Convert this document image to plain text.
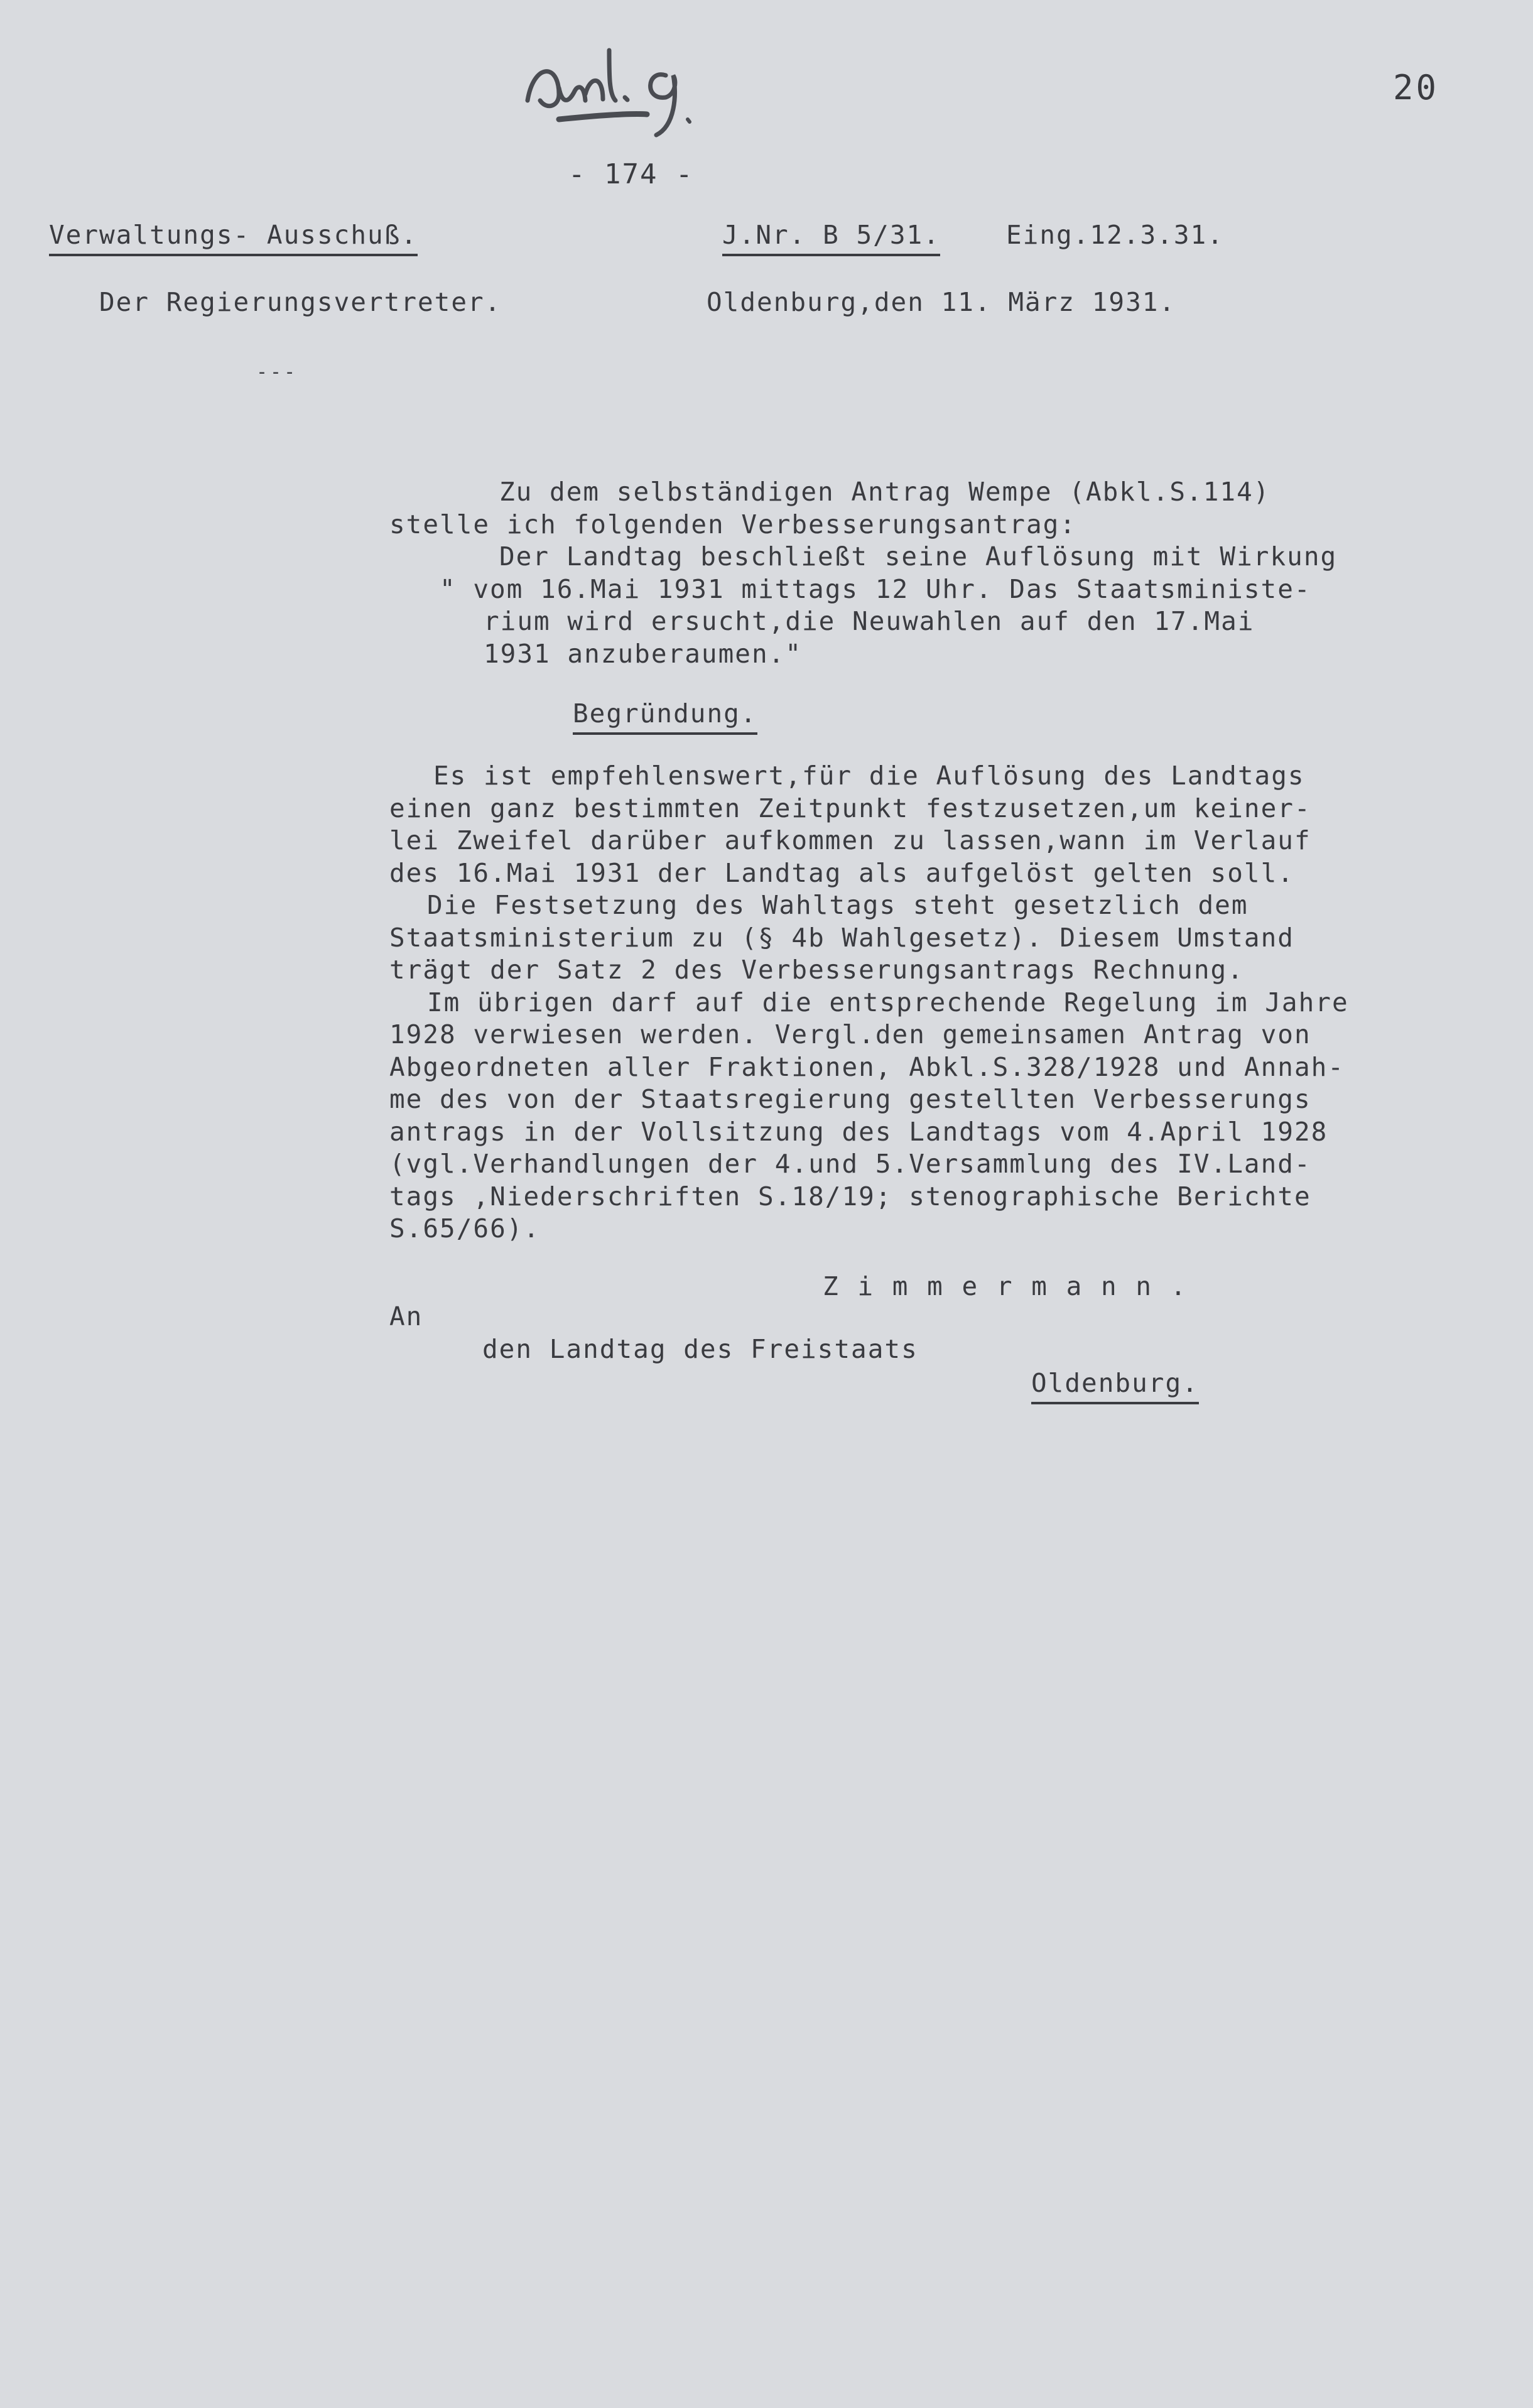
20
- 174 -
Verwaltungs- Ausschuß.
Der Regierungsvertreter.
J.Nr. B 5/31.	Eing.12.3.31.
Oldenburg,den 11. März 1931.
---
Zu dem selbständigen Antrag Wempe (Abkl.S.114)
stelle ich folgenden Verbesserungsantrag:
Der Landtag beschließt seine Auflösung mit Wirkung
" vom 16.Mai 1931 mittags 12 Uhr. Das Staatsministe-
rium wird ersucht,die Neuwahlen auf den 17.Mai
1931 anzuberaumen."
Begründung.
Es ist empfehlenswert,für die Auflösung des Landtags
einen ganz bestimmten Zeitpunkt festzusetzen,um keiner-
lei Zweifel darüber aufkommen zu lassen,wann im Verlauf
des 16.Mai 1931 der Landtag als aufgelöst gelten soll.
Die Festsetzung des Wahltags steht gesetzlich dem
Staatsministerium zu (§ 4b Wahlgesetz). Diesem Umstand
trägt der Satz 2 des Verbesserungsantrags Rechnung.
Im übrigen darf auf die entsprechende Regelung im Jahre
1928 verwiesen werden. Vergl.den gemeinsamen Antrag von
Abgeordneten aller Fraktionen, Abkl.S.328/1928 und Annah-
me des von der Staatsregierung gestellten Verbesserungs
antrags in der Vollsitzung des Landtags vom 4.April 1928
(vgl.Verhandlungen der 4.und 5.Versammlung des IV.Land-
tags ,Niederschriften S.18/19; stenographische Berichte
S.65/66).
Z i m m e r m a n n .
An
den Landtag des Freistaats
Oldenburg.
